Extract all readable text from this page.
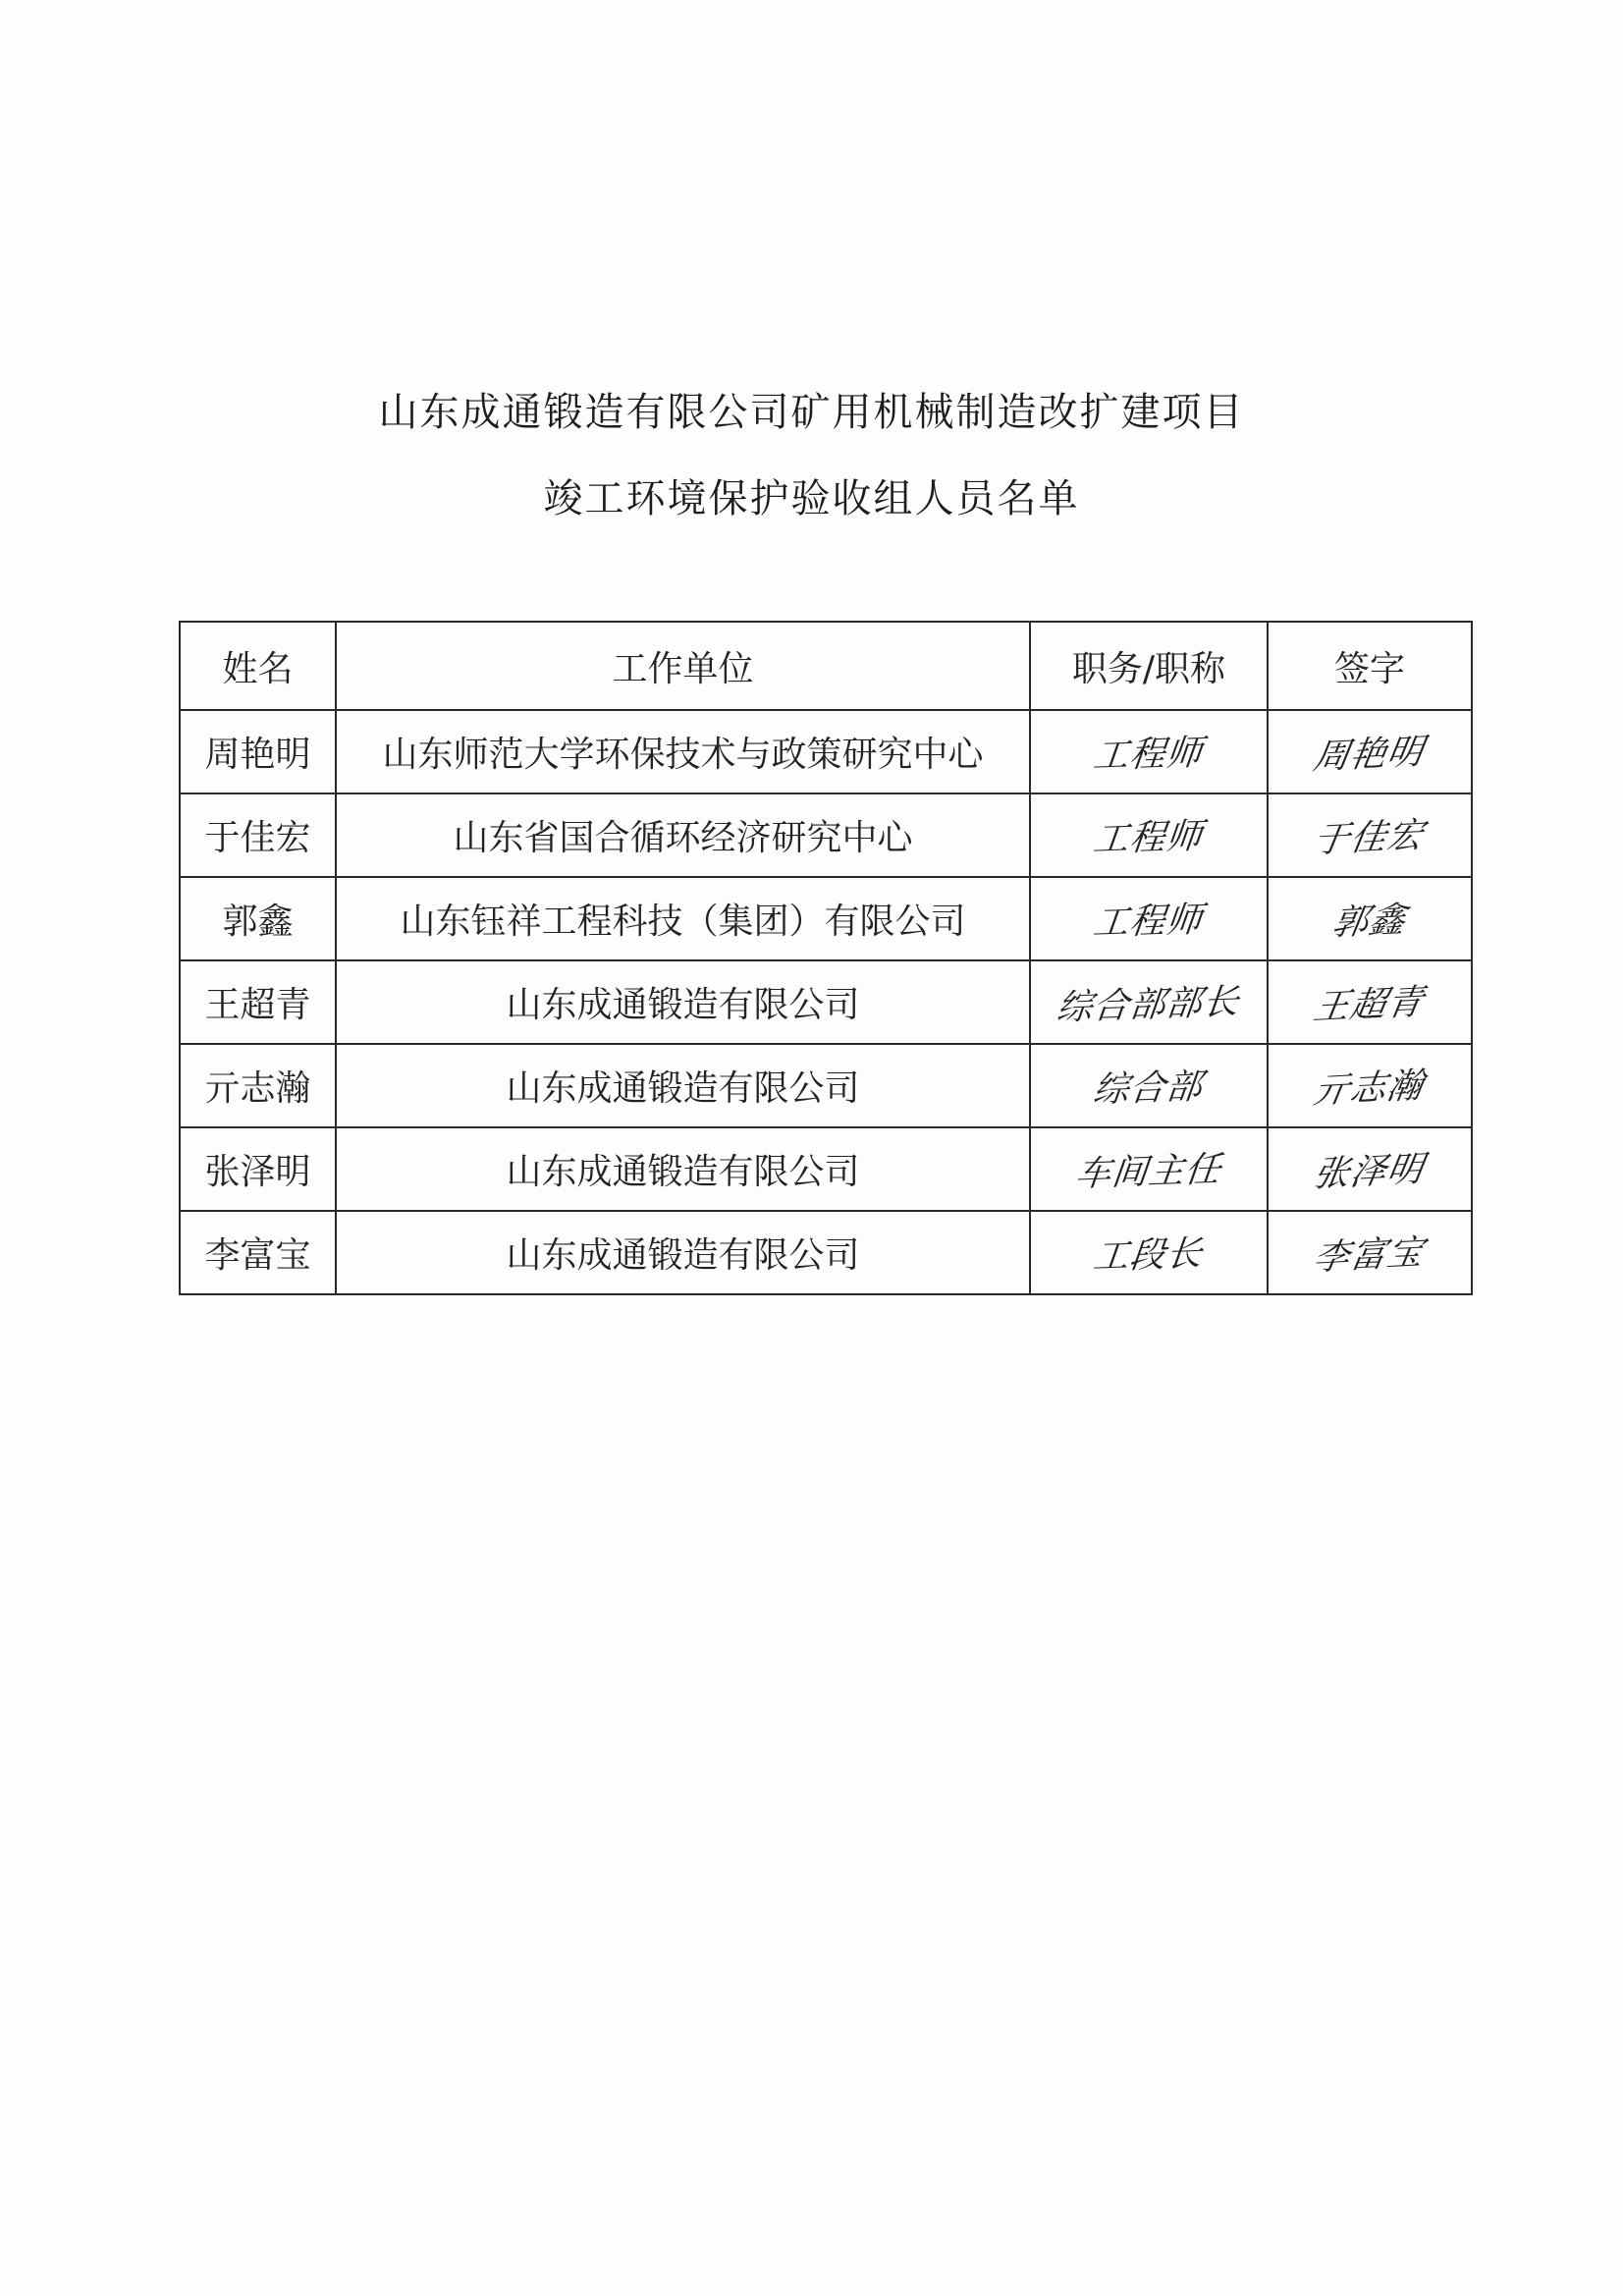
山东成通锻造有限公司矿用机械制造改扩建项目
竣工环境保护验收组人员名单
姓名	工作单位	职务/职称	签字
周艳明	山东师范大学环保技术与政策研究中心	工程师	周艳明
于佳宏	山东省国合循环经济研究中心	工程师	于佳宏
郭鑫	山东钰祥工程科技（集团）有限公司	工程师	郭鑫
王超青	山东成通锻造有限公司	综合部部长	王超青
亓志瀚	山东成通锻造有限公司	综合部	亓志瀚
张泽明	山东成通锻造有限公司	车间主任	张泽明
李富宝	山东成通锻造有限公司	工段长	李富宝
